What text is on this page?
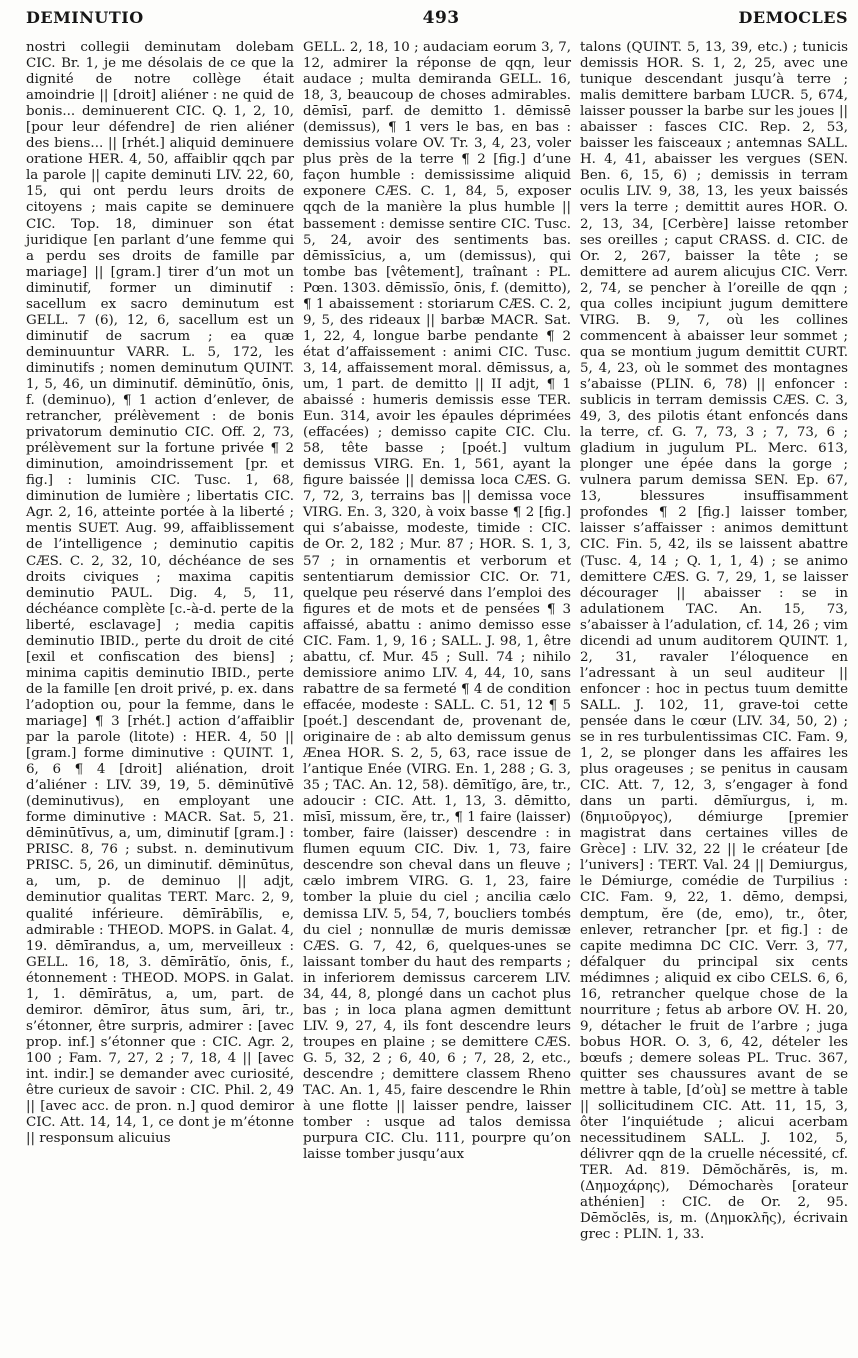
DEMINUTIO	493	DEMOCLES

nostri collegii deminutam dolebam CIC. Br. 1, je me désolais de ce que la dignité de notre collège était amoindrie || [droit] aliéner : ne quid de bonis... deminuerent CIC. Q. 1, 2, 10, [pour leur défendre] de rien aliéner des biens... || [rhét.] aliquid deminuere oratione HER. 4, 50, affaiblir qqch par la parole || capite deminuti LIV. 22, 60, 15, qui ont perdu leurs droits de citoyens ; mais capite se deminuere CIC. Top. 18, diminuer son état juridique [en parlant d’une femme qui a perdu ses droits de famille par mariage] || [gram.] tirer d’un mot un diminutif, former un diminutif : sacellum ex sacro deminutum est GELL. 7 (6), 12, 6, sacellum est un diminutif de sacrum ; ea quæ deminuuntur VARR. L. 5, 172, les diminutifs ; nomen deminutum QUINT. 1, 5, 46, un diminutif. dēminūtĭo, ōnis, f. (deminuo), ¶ 1 action d’enlever, de retrancher, prélèvement : de bonis privatorum deminutio CIC. Off. 2, 73, prélèvement sur la fortune privée ¶ 2 diminution, amoindrissement [pr. et fig.] : luminis CIC. Tusc. 1, 68, diminution de lumière ; libertatis CIC. Agr. 2, 16, atteinte portée à la liberté ; mentis SUET. Aug. 99, affaiblissement de l’intelligence ; deminutio capitis CÆS. C. 2, 32, 10, déchéance de ses droits civiques ; maxima capitis deminutio PAUL. Dig. 4, 5, 11, déchéance complète [c.-à-d. perte de la liberté, esclavage] ; media capitis deminutio IBID., perte du droit de cité [exil et confiscation des biens] ; minima capitis deminutio IBID., perte de la famille [en droit privé, p. ex. dans l’adoption ou, pour la femme, dans le mariage] ¶ 3 [rhét.] action d’affaiblir par la parole (litote) : HER. 4, 50 || [gram.] forme diminutive : QUINT. 1, 6, 6 ¶ 4 [droit] aliénation, droit d’aliéner : LIV. 39, 19, 5. dēminūtīvē (deminutivus), en employant une forme diminutive : MACR. Sat. 5, 21. dēminūtīvus, a, um, diminutif [gram.] : PRISC. 8, 76 ; subst. n. deminutivum PRISC. 5, 26, un diminutif. dēminūtus, a, um, p. de deminuo || adjt, deminutior qualitas TERT. Marc. 2, 9, qualité inférieure. dēmīrābĭlis, e, admirable : THEOD. MOPS. in Galat. 4, 19. dēmīrandus, a, um, merveilleux : GELL. 16, 18, 3. dēmīrātĭo, ōnis, f., étonnement : THEOD. MOPS. in Galat. 1, 1. dēmīrātus, a, um, part. de demiror. dēmīror, ātus sum, āri, tr., s’étonner, être surpris, admirer : [avec prop. inf.] s’étonner que : CIC. Agr. 2, 100 ; Fam. 7, 27, 2 ; 7, 18, 4 || [avec int. indir.] se demander avec curiosité, être curieux de savoir : CIC. Phil. 2, 49 || [avec acc. de pron. n.] quod demiror CIC. Att. 14, 14, 1, ce dont je m’étonne || responsum alicuius

GELL. 2, 18, 10 ; audaciam eorum 3, 7, 12, admirer la réponse de qqn, leur audace ; multa demiranda GELL. 16, 18, 3, beaucoup de choses admirables. dēmīsī, parf. de demitto 1. dēmissē (demissus), ¶ 1 vers le bas, en bas : demissius volare OV. Tr. 3, 4, 23, voler plus près de la terre ¶ 2 [fig.] d’une façon humble : demississime aliquid exponere CÆS. C. 1, 84, 5, exposer qqch de la manière la plus humble || bassement : demisse sentire CIC. Tusc. 5, 24, avoir des sentiments bas. dēmissīcius, a, um (demissus), qui tombe bas [vêtement], traînant : PL. Pœn. 1303. dēmissĭo, ōnis, f. (demitto), ¶ 1 abaissement : storiarum CÆS. C. 2, 9, 5, des rideaux || barbæ MACR. Sat. 1, 22, 4, longue barbe pendante ¶ 2 état d’affaissement : animi CIC. Tusc. 3, 14, affaissement moral. dēmissus, a, um, 1 part. de demitto || II adjt, ¶ 1 abaissé : humeris demissis esse TER. Eun. 314, avoir les épaules déprimées (effacées) ; demisso capite CIC. Clu. 58, tête basse ; [poét.] vultum demissus VIRG. En. 1, 561, ayant la figure baissée || demissa loca CÆS. G. 7, 72, 3, terrains bas || demissa voce VIRG. En. 3, 320, à voix basse ¶ 2 [fig.] qui s’abaisse, modeste, timide : CIC. de Or. 2, 182 ; Mur. 87 ; HOR. S. 1, 3, 57 ; in ornamentis et verborum et sententiarum demissior CIC. Or. 71, quelque peu réservé dans l’emploi des figures et de mots et de pensées ¶ 3 affaissé, abattu : animo demisso esse CIC. Fam. 1, 9, 16 ; SALL. J. 98, 1, être abattu, cf. Mur. 45 ; Sull. 74 ; nihilo demissiore animo LIV. 4, 44, 10, sans rabattre de sa fermeté ¶ 4 de condition effacée, modeste : SALL. C. 51, 12 ¶ 5 [poét.] descendant de, provenant de, originaire de : ab alto demissum genus Ænea HOR. S. 2, 5, 63, race issue de l’antique Enée (VIRG. En. 1, 288 ; G. 3, 35 ; TAC. An. 12, 58). dēmītĭgo, āre, tr., adoucir : CIC. Att. 1, 13, 3. dēmitto, mīsī, missum, ĕre, tr., ¶ 1 faire (laisser) tomber, faire (laisser) descendre : in flumen equum CIC. Div. 1, 73, faire descendre son cheval dans un fleuve ; cælo imbrem VIRG. G. 1, 23, faire tomber la pluie du ciel ; ancilia cælo demissa LIV. 5, 54, 7, boucliers tombés du ciel ; nonnullæ de muris demissæ CÆS. G. 7, 42, 6, quelques-unes se laissant tomber du haut des remparts ; in inferiorem demissus carcerem LIV. 34, 44, 8, plongé dans un cachot plus bas ; in loca plana agmen demittunt LIV. 9, 27, 4, ils font descendre leurs troupes en plaine ; se demittere CÆS. G. 5, 32, 2 ; 6, 40, 6 ; 7, 28, 2, etc., descendre ; demittere classem Rheno TAC. An. 1, 45, faire descendre le Rhin à une flotte || laisser pendre, laisser tomber : usque ad talos demissa purpura CIC. Clu. 111, pourpre qu’on laisse tomber jusqu’aux

talons (QUINT. 5, 13, 39, etc.) ; tunicis demissis HOR. S. 1, 2, 25, avec une tunique descendant jusqu’à terre ; malis demittere barbam LUCR. 5, 674, laisser pousser la barbe sur les joues || abaisser : fasces CIC. Rep. 2, 53, baisser les faisceaux ; antemnas SALL. H. 4, 41, abaisser les vergues (SEN. Ben. 6, 15, 6) ; demissis in terram oculis LIV. 9, 38, 13, les yeux baissés vers la terre ; demittit aures HOR. O. 2, 13, 34, [Cerbère] laisse retomber ses oreilles ; caput CRASS. d. CIC. de Or. 2, 267, baisser la tête ; se demittere ad aurem alicujus CIC. Verr. 2, 74, se pencher à l’oreille de qqn ; qua colles incipiunt jugum demittere VIRG. B. 9, 7, où les collines commencent à abaisser leur sommet ; qua se montium jugum demittit CURT. 5, 4, 23, où le sommet des montagnes s’abaisse (PLIN. 6, 78) || enfoncer : sublicis in terram demissis CÆS. C. 3, 49, 3, des pilotis étant enfoncés dans la terre, cf. G. 7, 73, 3 ; 7, 73, 6 ; gladium in jugulum PL. Merc. 613, plonger une épée dans la gorge ; vulnera parum demissa SEN. Ep. 67, 13, blessures insuffisamment profondes ¶ 2 [fig.] laisser tomber, laisser s’affaisser : animos demittunt CIC. Fin. 5, 42, ils se laissent abattre (Tusc. 4, 14 ; Q. 1, 1, 4) ; se animo demittere CÆS. G. 7, 29, 1, se laisser décourager || abaisser : se in adulationem TAC. An. 15, 73, s’abaisser à l’adulation, cf. 14, 26 ; vim dicendi ad unum auditorem QUINT. 1, 2, 31, ravaler l’éloquence en l’adressant à un seul auditeur || enfoncer : hoc in pectus tuum demitte SALL. J. 102, 11, grave-toi cette pensée dans le cœur (LIV. 34, 50, 2) ; se in res turbulentissimas CIC. Fam. 9, 1, 2, se plonger dans les affaires les plus orageuses ; se penitus in causam CIC. Att. 7, 12, 3, s’engager à fond dans un parti. dēmĭurgus, i, m. (δημιοῦργος), démiurge [premier magistrat dans certaines villes de Grèce] : LIV. 32, 22 || le créateur [de l’univers] : TERT. Val. 24 || Demiurgus, le Démiurge, comédie de Turpilius : CIC. Fam. 9, 22, 1. dēmo, dempsi, demptum, ĕre (de, emo), tr., ôter, enlever, retrancher [pr. et fig.] : de capite medimna DC CIC. Verr. 3, 77, défalquer du principal six cents médimnes ; aliquid ex cibo CELS. 6, 6, 16, retrancher quelque chose de la nourriture ; fetus ab arbore OV. H. 20, 9, détacher le fruit de l’arbre ; juga bobus HOR. O. 3, 6, 42, dételer les bœufs ; demere soleas PL. Truc. 367, quitter ses chaussures avant de se mettre à table, [d’où] se mettre à table || sollicitudinem CIC. Att. 11, 15, 3, ôter l’inquiétude ; alicui acerbam necessitudinem SALL. J. 102, 5, délivrer qqn de la cruelle nécessité, cf. TER. Ad. 819. Dēmŏchărēs, is, m. (Δημοχάρης), Démocharès [orateur athénien] : CIC. de Or. 2, 95. Dēmŏclēs, is, m. (Δημοκλῆς), écrivain grec : PLIN. 1, 33.
